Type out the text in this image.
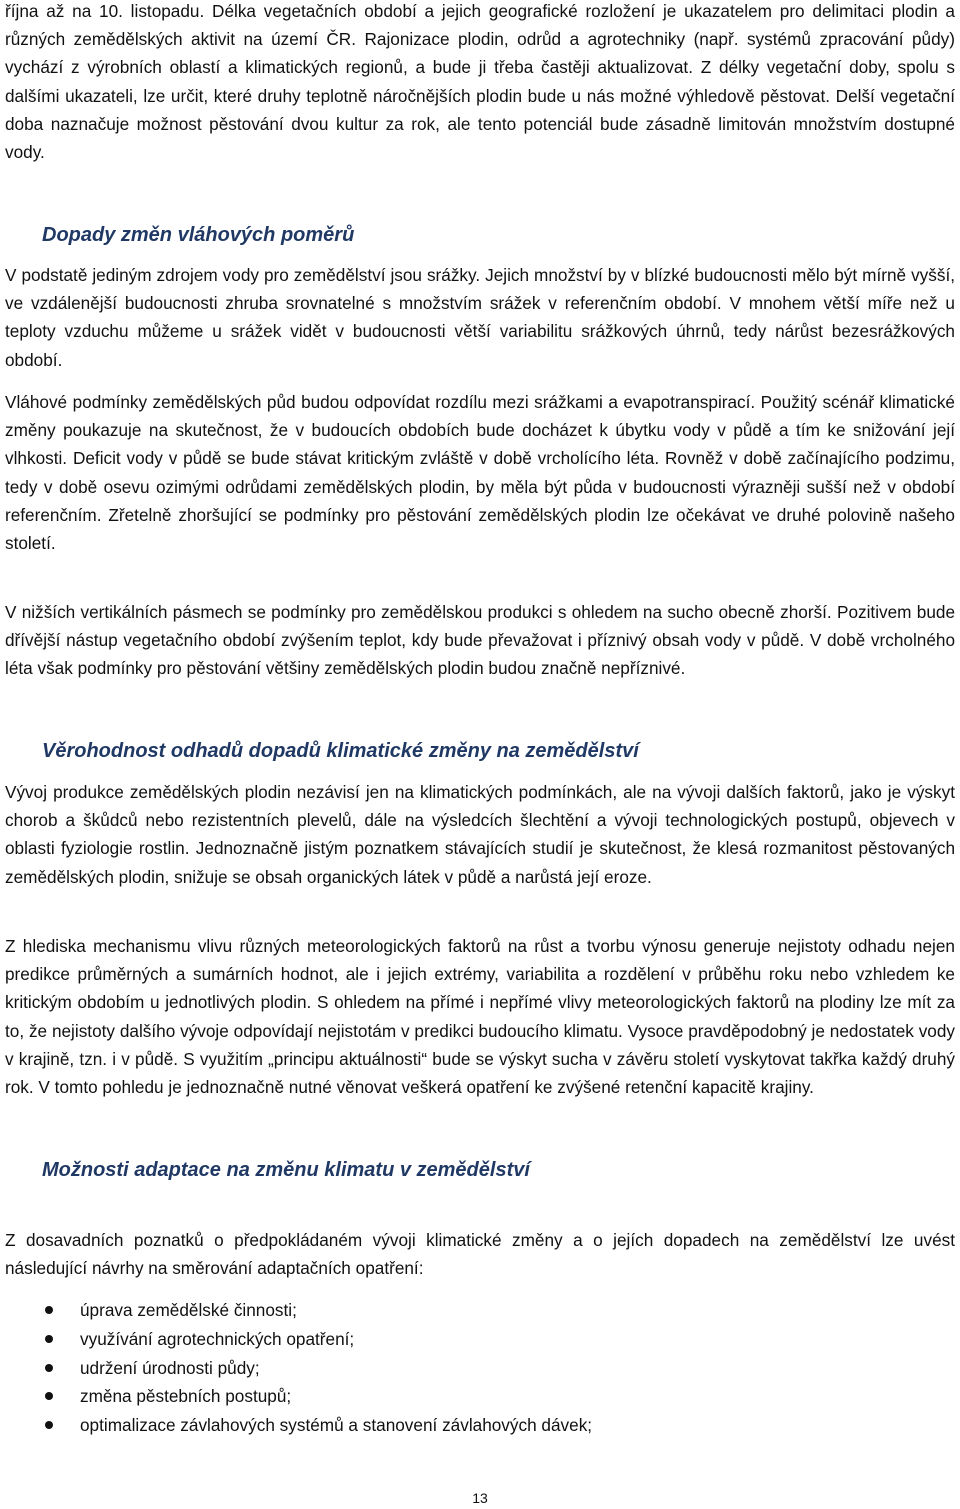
října až na 10. listopadu. Délka vegetačních období a jejich geografické rozložení je ukazatelem pro delimitaci plodin a různých zemědělských aktivit na území ČR. Rajonizace plodin, odrůd a agrotechniky (např. systémů zpracování půdy) vychází z výrobních oblastí a klimatických regionů, a bude ji třeba častěji aktualizovat. Z délky vegetační doby, spolu s dalšími ukazateli, lze určit, které druhy teplotně náročnějších plodin bude u nás možné výhledově pěstovat. Delší vegetační doba naznačuje možnost pěstování dvou kultur za rok, ale tento potenciál bude zásadně limitován množstvím dostupné vody.

Dopady změn vláhových poměrů

V podstatě jediným zdrojem vody pro zemědělství jsou srážky. Jejich množství by v blízké budoucnosti mělo být mírně vyšší, ve vzdálenější budoucnosti zhruba srovnatelné s množstvím srážek v referenčním období. V mnohem větší míře než u teploty vzduchu můžeme u srážek vidět v budoucnosti větší variabilitu srážkových úhrnů, tedy nárůst bezesrážkových období.

Vláhové podmínky zemědělských půd budou odpovídat rozdílu mezi srážkami a evapotranspirací. Použitý scénář klimatické změny poukazuje na skutečnost, že v budoucích obdobích bude docházet k úbytku vody v půdě a tím ke snižování její vlhkosti. Deficit vody v půdě se bude stávat kritickým zvláště v době vrcholícího léta. Rovněž v době začínajícího podzimu, tedy v době osevu ozimými odrůdami zemědělských plodin, by měla být půda v budoucnosti výrazněji sušší než v období referenčním. Zřetelně zhoršující se podmínky pro pěstování zemědělských plodin lze očekávat ve druhé polovině našeho století.

V nižších vertikálních pásmech se podmínky pro zemědělskou produkci s ohledem na sucho obecně zhorší. Pozitivem bude dřívější nástup vegetačního období zvýšením teplot, kdy bude převažovat i příznivý obsah vody v půdě. V době vrcholného léta však podmínky pro pěstování většiny zemědělských plodin budou značně nepříznivé.

Věrohodnost odhadů dopadů klimatické změny na zemědělství

Vývoj produkce zemědělských plodin nezávisí jen na klimatických podmínkách, ale na vývoji dalších faktorů, jako je výskyt chorob a škůdců nebo rezistentních plevelů, dále na výsledcích šlechtění a vývoji technologických postupů, objevech v oblasti fyziologie rostlin. Jednoznačně jistým poznatkem stávajících studií je skutečnost, že klesá rozmanitost pěstovaných zemědělských plodin, snižuje se obsah organických látek v půdě a narůstá její eroze.

Z hlediska mechanismu vlivu různých meteorologických faktorů na růst a tvorbu výnosu generuje nejistoty odhadu nejen predikce průměrných a sumárních hodnot, ale i jejich extrémy, variabilita a rozdělení v průběhu roku nebo vzhledem ke kritickým obdobím u jednotlivých plodin. S ohledem na přímé i nepřímé vlivy meteorologických faktorů na plodiny lze mít za to, že nejistoty dalšího vývoje odpovídají nejistotám v predikci budoucího klimatu. Vysoce pravděpodobný je nedostatek vody v krajině, tzn. i v půdě. S využitím „principu aktuálnosti“ bude se výskyt sucha v závěru století vyskytovat takřka každý druhý rok. V tomto pohledu je jednoznačně nutné věnovat veškerá opatření ke zvýšené retenční kapacitě krajiny.

Možnosti adaptace na změnu klimatu v zemědělství

Z dosavadních poznatků o předpokládaném vývoji klimatické změny a o jejích dopadech na zemědělství lze uvést následující návrhy na směrování adaptačních opatření:

úprava zemědělské činnosti;
využívání agrotechnických opatření;
udržení úrodnosti půdy;
změna pěstebních postupů;
optimalizace závlahových systémů a stanovení závlahových dávek;
13
